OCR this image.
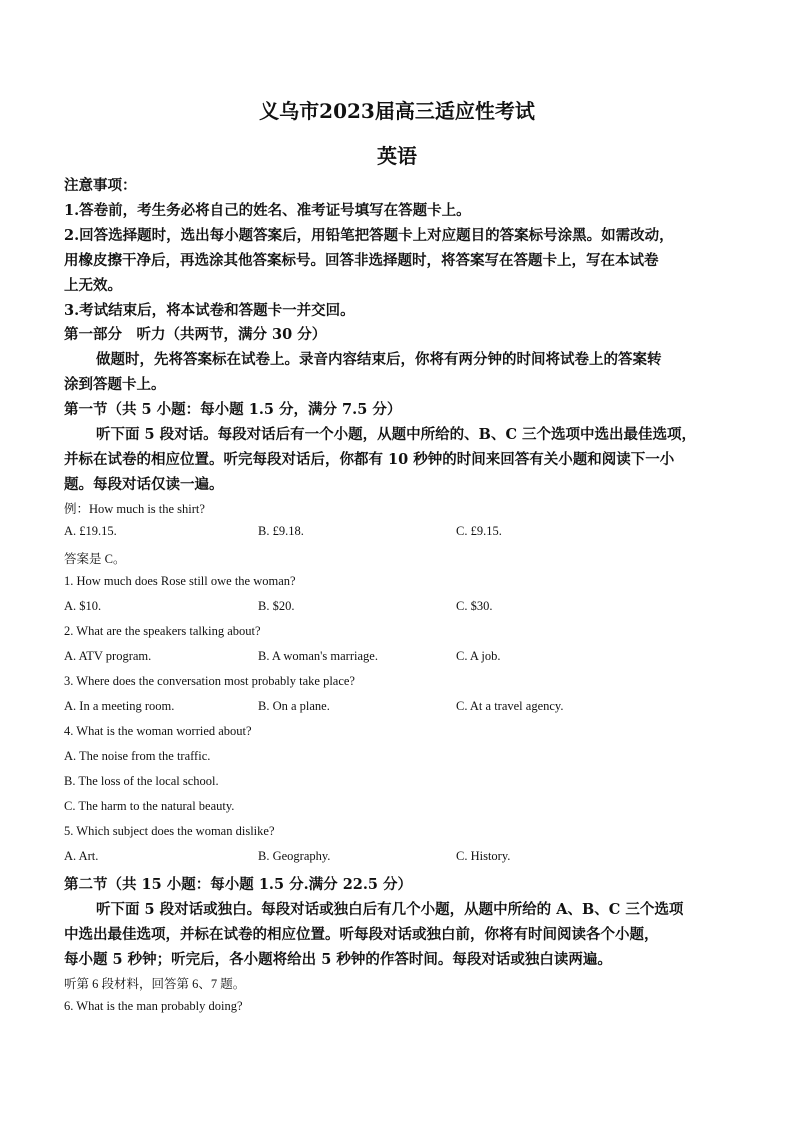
义乌市2023届高三适应性考试
英语
注意事项：
1.答卷前，考生务必将自己的姓名、准考证号填写在答题卡上。
2.回答选择题时，选出每小题答案后，用铅笔把答题卡上对应题目的答案标号涂黑。如需改动，
用橡皮擦干净后，再选涂其他答案标号。回答非选择题时，将答案写在答题卡上，写在本试卷
上无效。
3.考试结束后，将本试卷和答题卡一并交回。
第一部分　听力（共两节，满分 30 分）
做题时，先将答案标在试卷上。录音内容结束后，你将有两分钟的时间将试卷上的答案转
涂到答题卡上。
第一节（共 5 小题：每小题 1.5 分，满分 7.5 分）
听下面 5 段对话。每段对话后有一个小题，从题中所给的、B、C 三个选项中选出最佳选项，
并标在试卷的相应位置。听完每段对话后，你都有 10 秒钟的时间来回答有关小题和阅读下一小
题。每段对话仅读一遍。
例：How much is the shirt?
A. £19.15.	B. £9.18.	C. £9.15.
答案是 C。
1. How much does Rose still owe the woman?
A. $10.	B. $20.	C. $30.
2. What are the speakers talking about?
A. ATV program.	B. A woman's marriage.	C. A job.
3. Where does the conversation most probably take place?
A. In a meeting room.	B. On a plane.	C. At a travel agency.
4. What is the woman worried about?
A. The noise from the traffic.
B. The loss of the local school.
C. The harm to the natural beauty.
5. Which subject does the woman dislike?
A. Art.	B. Geography.	C. History.
第二节（共 15 小题：每小题 1.5 分.满分 22.5 分）
听下面 5 段对话或独白。每段对话或独白后有几个小题，从题中所给的 A、B、C 三个选项
中选出最佳选项，并标在试卷的相应位置。听每段对话或独白前，你将有时间阅读各个小题，
每小题 5 秒钟；听完后，各小题将给出 5 秒钟的作答时间。每段对话或独白读两遍。
听第 6 段材料，回答第 6、7 题。
6. What is the man probably doing?
